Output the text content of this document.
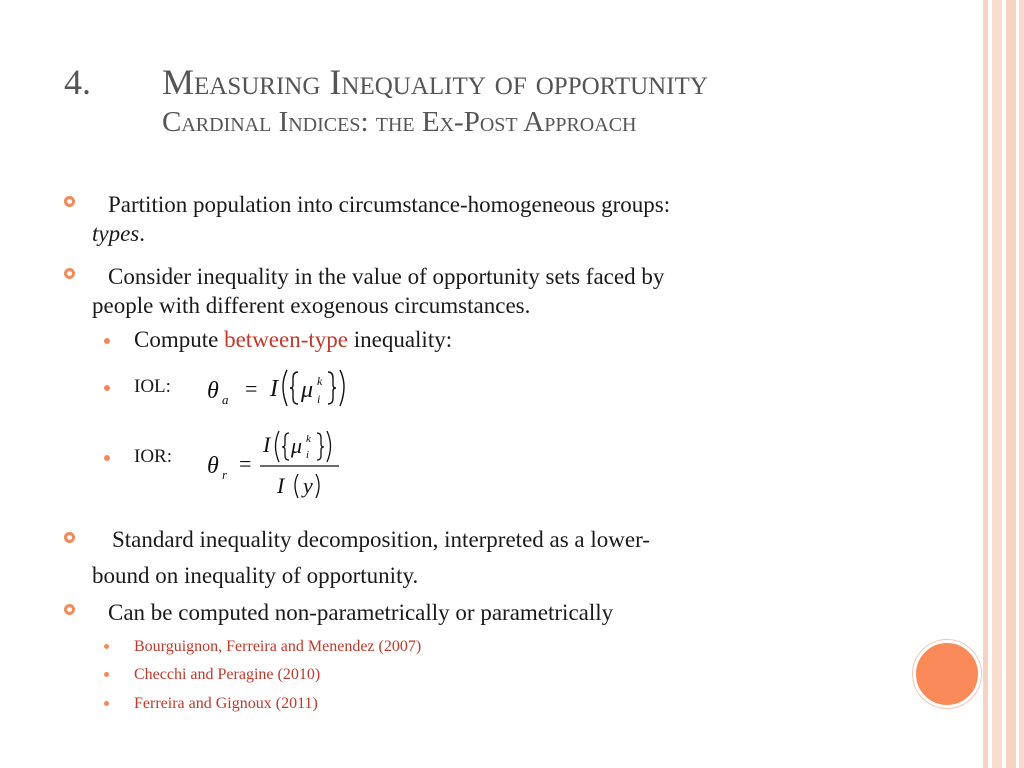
4. Measuring Inequality of opportunity
Cardinal Indices: the Ex-Post Approach
Partition population into circumstance-homogeneous groups:
types.
Consider inequality in the value of opportunity sets faced by
people with different exogenous circumstances.
Compute between-type inequality:
IOL: θ a = I μ k
i
IOR: θ r =
I μ k
i
I y
Standard inequality decomposition, interpreted as a lower-
bound on inequality of opportunity.
Can be computed non-parametrically or parametrically
Bourguignon, Ferreira and Menendez (2007)
Checchi and Peragine (2010)
Ferreira and Gignoux (2011)
